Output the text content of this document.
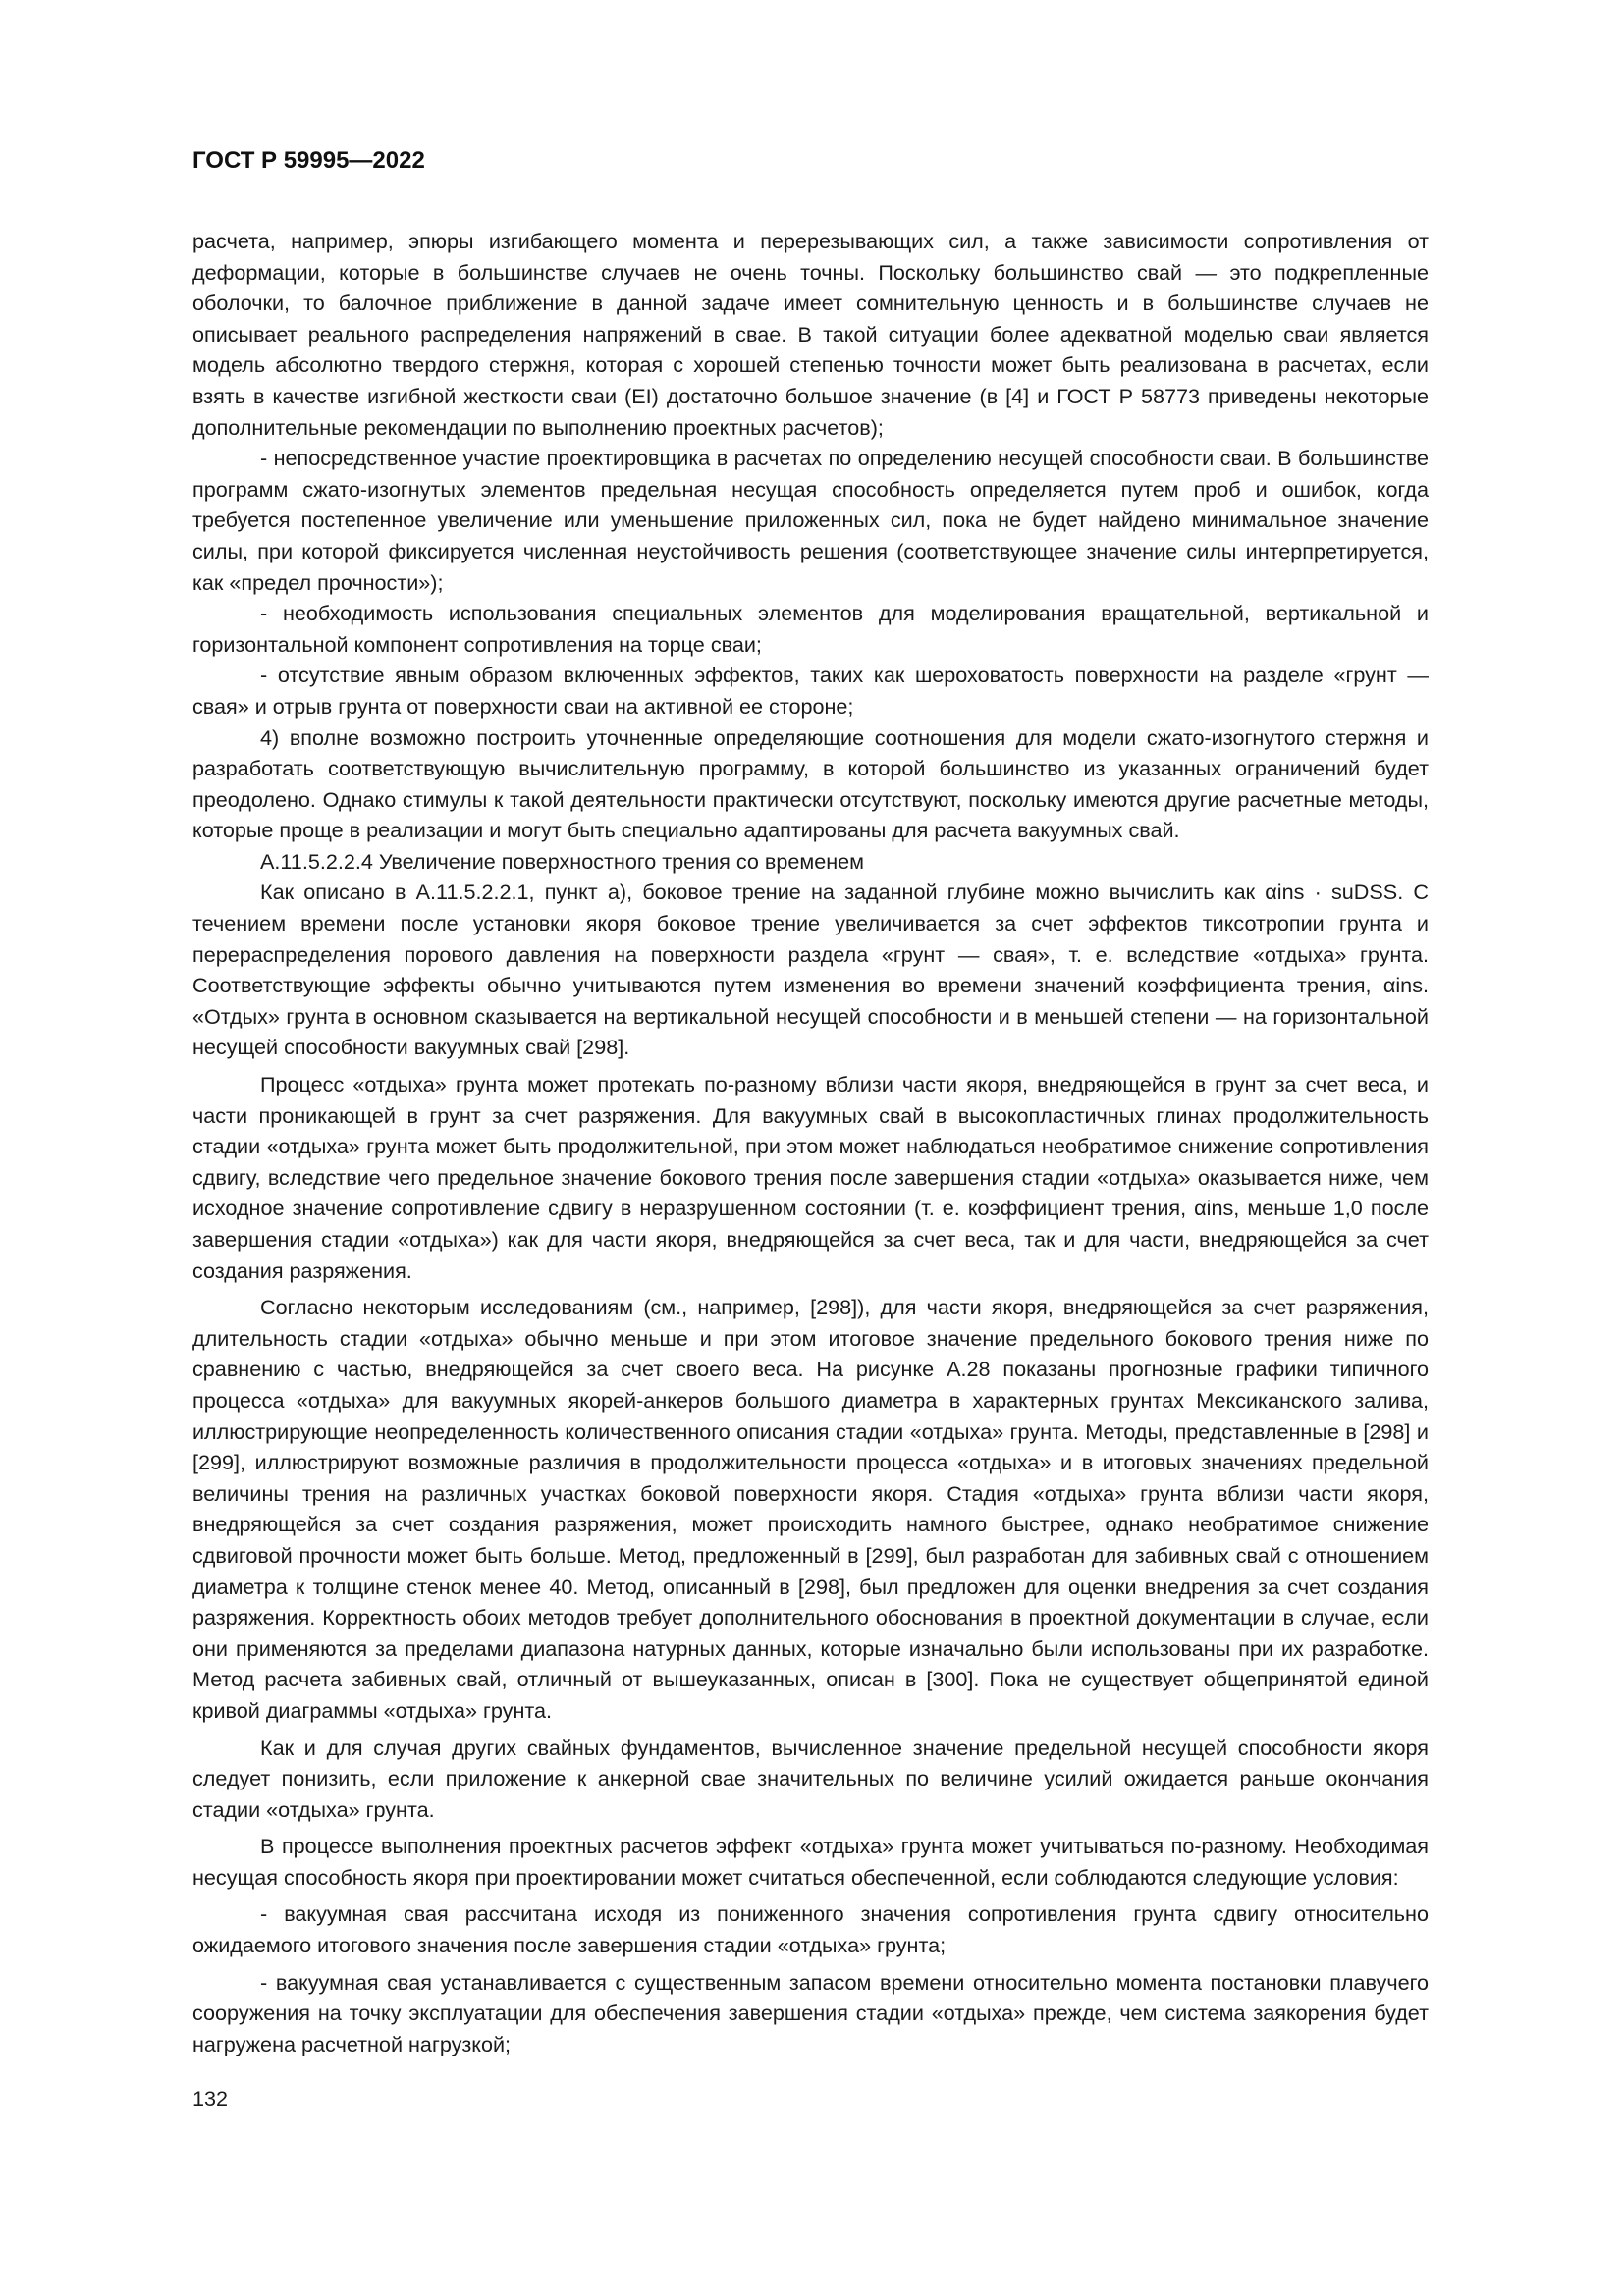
ГОСТ Р 59995—2022

расчета, например, эпюры изгибающего момента и перерезывающих сил, а также зависимости сопротивления от деформации, которые в большинстве случаев не очень точны. Поскольку большинство свай — это подкрепленные оболочки, то балочное приближение в данной задаче имеет сомнительную ценность и в большинстве случаев не описывает реального распределения напряжений в свае. В такой ситуации более адекватной моделью сваи является модель абсолютно твердого стержня, которая с хорошей степенью точности может быть реализована в расчетах, если взять в качестве изгибной жесткости сваи (EI) достаточно большое значение (в [4] и ГОСТ Р 58773 приведены некоторые дополнительные рекомендации по выполнению проектных расчетов);

- непосредственное участие проектировщика в расчетах по определению несущей способности сваи. В большинстве программ сжато-изогнутых элементов предельная несущая способность определяется путем проб и ошибок, когда требуется постепенное увеличение или уменьшение приложенных сил, пока не будет найдено минимальное значение силы, при которой фиксируется численная неустойчивость решения (соответствующее значение силы интерпретируется, как «предел прочности»);

- необходимость использования специальных элементов для моделирования вращательной, вертикальной и горизонтальной компонент сопротивления на торце сваи;

- отсутствие явным образом включенных эффектов, таких как шероховатость поверхности на разделе «грунт — свая» и отрыв грунта от поверхности сваи на активной ее стороне;

4) вполне возможно построить уточненные определяющие соотношения для модели сжато-изогнутого стержня и разработать соответствующую вычислительную программу, в которой большинство из указанных ограничений будет преодолено. Однако стимулы к такой деятельности практически отсутствуют, поскольку имеются другие расчетные методы, которые проще в реализации и могут быть специально адаптированы для расчета вакуумных свай.

А.11.5.2.2.4 Увеличение поверхностного трения со временем

Как описано в А.11.5.2.2.1, пункт а), боковое трение на заданной глубине можно вычислить как αins · suDSS. С течением времени после установки якоря боковое трение увеличивается за счет эффектов тиксотропии грунта и перераспределения порового давления на поверхности раздела «грунт — свая», т. е. вследствие «отдыха» грунта. Соответствующие эффекты обычно учитываются путем изменения во времени значений коэффициента трения, αins. «Отдых» грунта в основном сказывается на вертикальной несущей способности и в меньшей степени — на горизонтальной несущей способности вакуумных свай [298].

Процесс «отдыха» грунта может протекать по-разному вблизи части якоря, внедряющейся в грунт за счет веса, и части проникающей в грунт за счет разряжения. Для вакуумных свай в высокопластичных глинах продолжительность стадии «отдыха» грунта может быть продолжительной, при этом может наблюдаться необратимое снижение сопротивления сдвигу, вследствие чего предельное значение бокового трения после завершения стадии «отдыха» оказывается ниже, чем исходное значение сопротивление сдвигу в неразрушенном состоянии (т. е. коэффициент трения, αins, меньше 1,0 после завершения стадии «отдыха») как для части якоря, внедряющейся за счет веса, так и для части, внедряющейся за счет создания разряжения.

Согласно некоторым исследованиям (см., например, [298]), для части якоря, внедряющейся за счет разряжения, длительность стадии «отдыха» обычно меньше и при этом итоговое значение предельного бокового трения ниже по сравнению с частью, внедряющейся за счет своего веса. На рисунке А.28 показаны прогнозные графики типичного процесса «отдыха» для вакуумных якорей-анкеров большого диаметра в характерных грунтах Мексиканского залива, иллюстрирующие неопределенность количественного описания стадии «отдыха» грунта. Методы, представленные в [298] и [299], иллюстрируют возможные различия в продолжительности процесса «отдыха» и в итоговых значениях предельной величины трения на различных участках боковой поверхности якоря. Стадия «отдыха» грунта вблизи части якоря, внедряющейся за счет создания разряжения, может происходить намного быстрее, однако необратимое снижение сдвиговой прочности может быть больше. Метод, предложенный в [299], был разработан для забивных свай с отношением диаметра к толщине стенок менее 40. Метод, описанный в [298], был предложен для оценки внедрения за счет создания разряжения. Корректность обоих методов требует дополнительного обоснования в проектной документации в случае, если они применяются за пределами диапазона натурных данных, которые изначально были использованы при их разработке. Метод расчета забивных свай, отличный от вышеуказанных, описан в [300]. Пока не существует общепринятой единой кривой диаграммы «отдыха» грунта.

Как и для случая других свайных фундаментов, вычисленное значение предельной несущей способности якоря следует понизить, если приложение к анкерной свае значительных по величине усилий ожидается раньше окончания стадии «отдыха» грунта.

В процессе выполнения проектных расчетов эффект «отдыха» грунта может учитываться по-разному. Необходимая несущая способность якоря при проектировании может считаться обеспеченной, если соблюдаются следующие условия:

- вакуумная свая рассчитана исходя из пониженного значения сопротивления грунта сдвигу относительно ожидаемого итогового значения после завершения стадии «отдыха» грунта;

- вакуумная свая устанавливается с существенным запасом времени относительно момента постановки плавучего сооружения на точку эксплуатации для обеспечения завершения стадии «отдыха» прежде, чем система заякорения будет нагружена расчетной нагрузкой;

132
